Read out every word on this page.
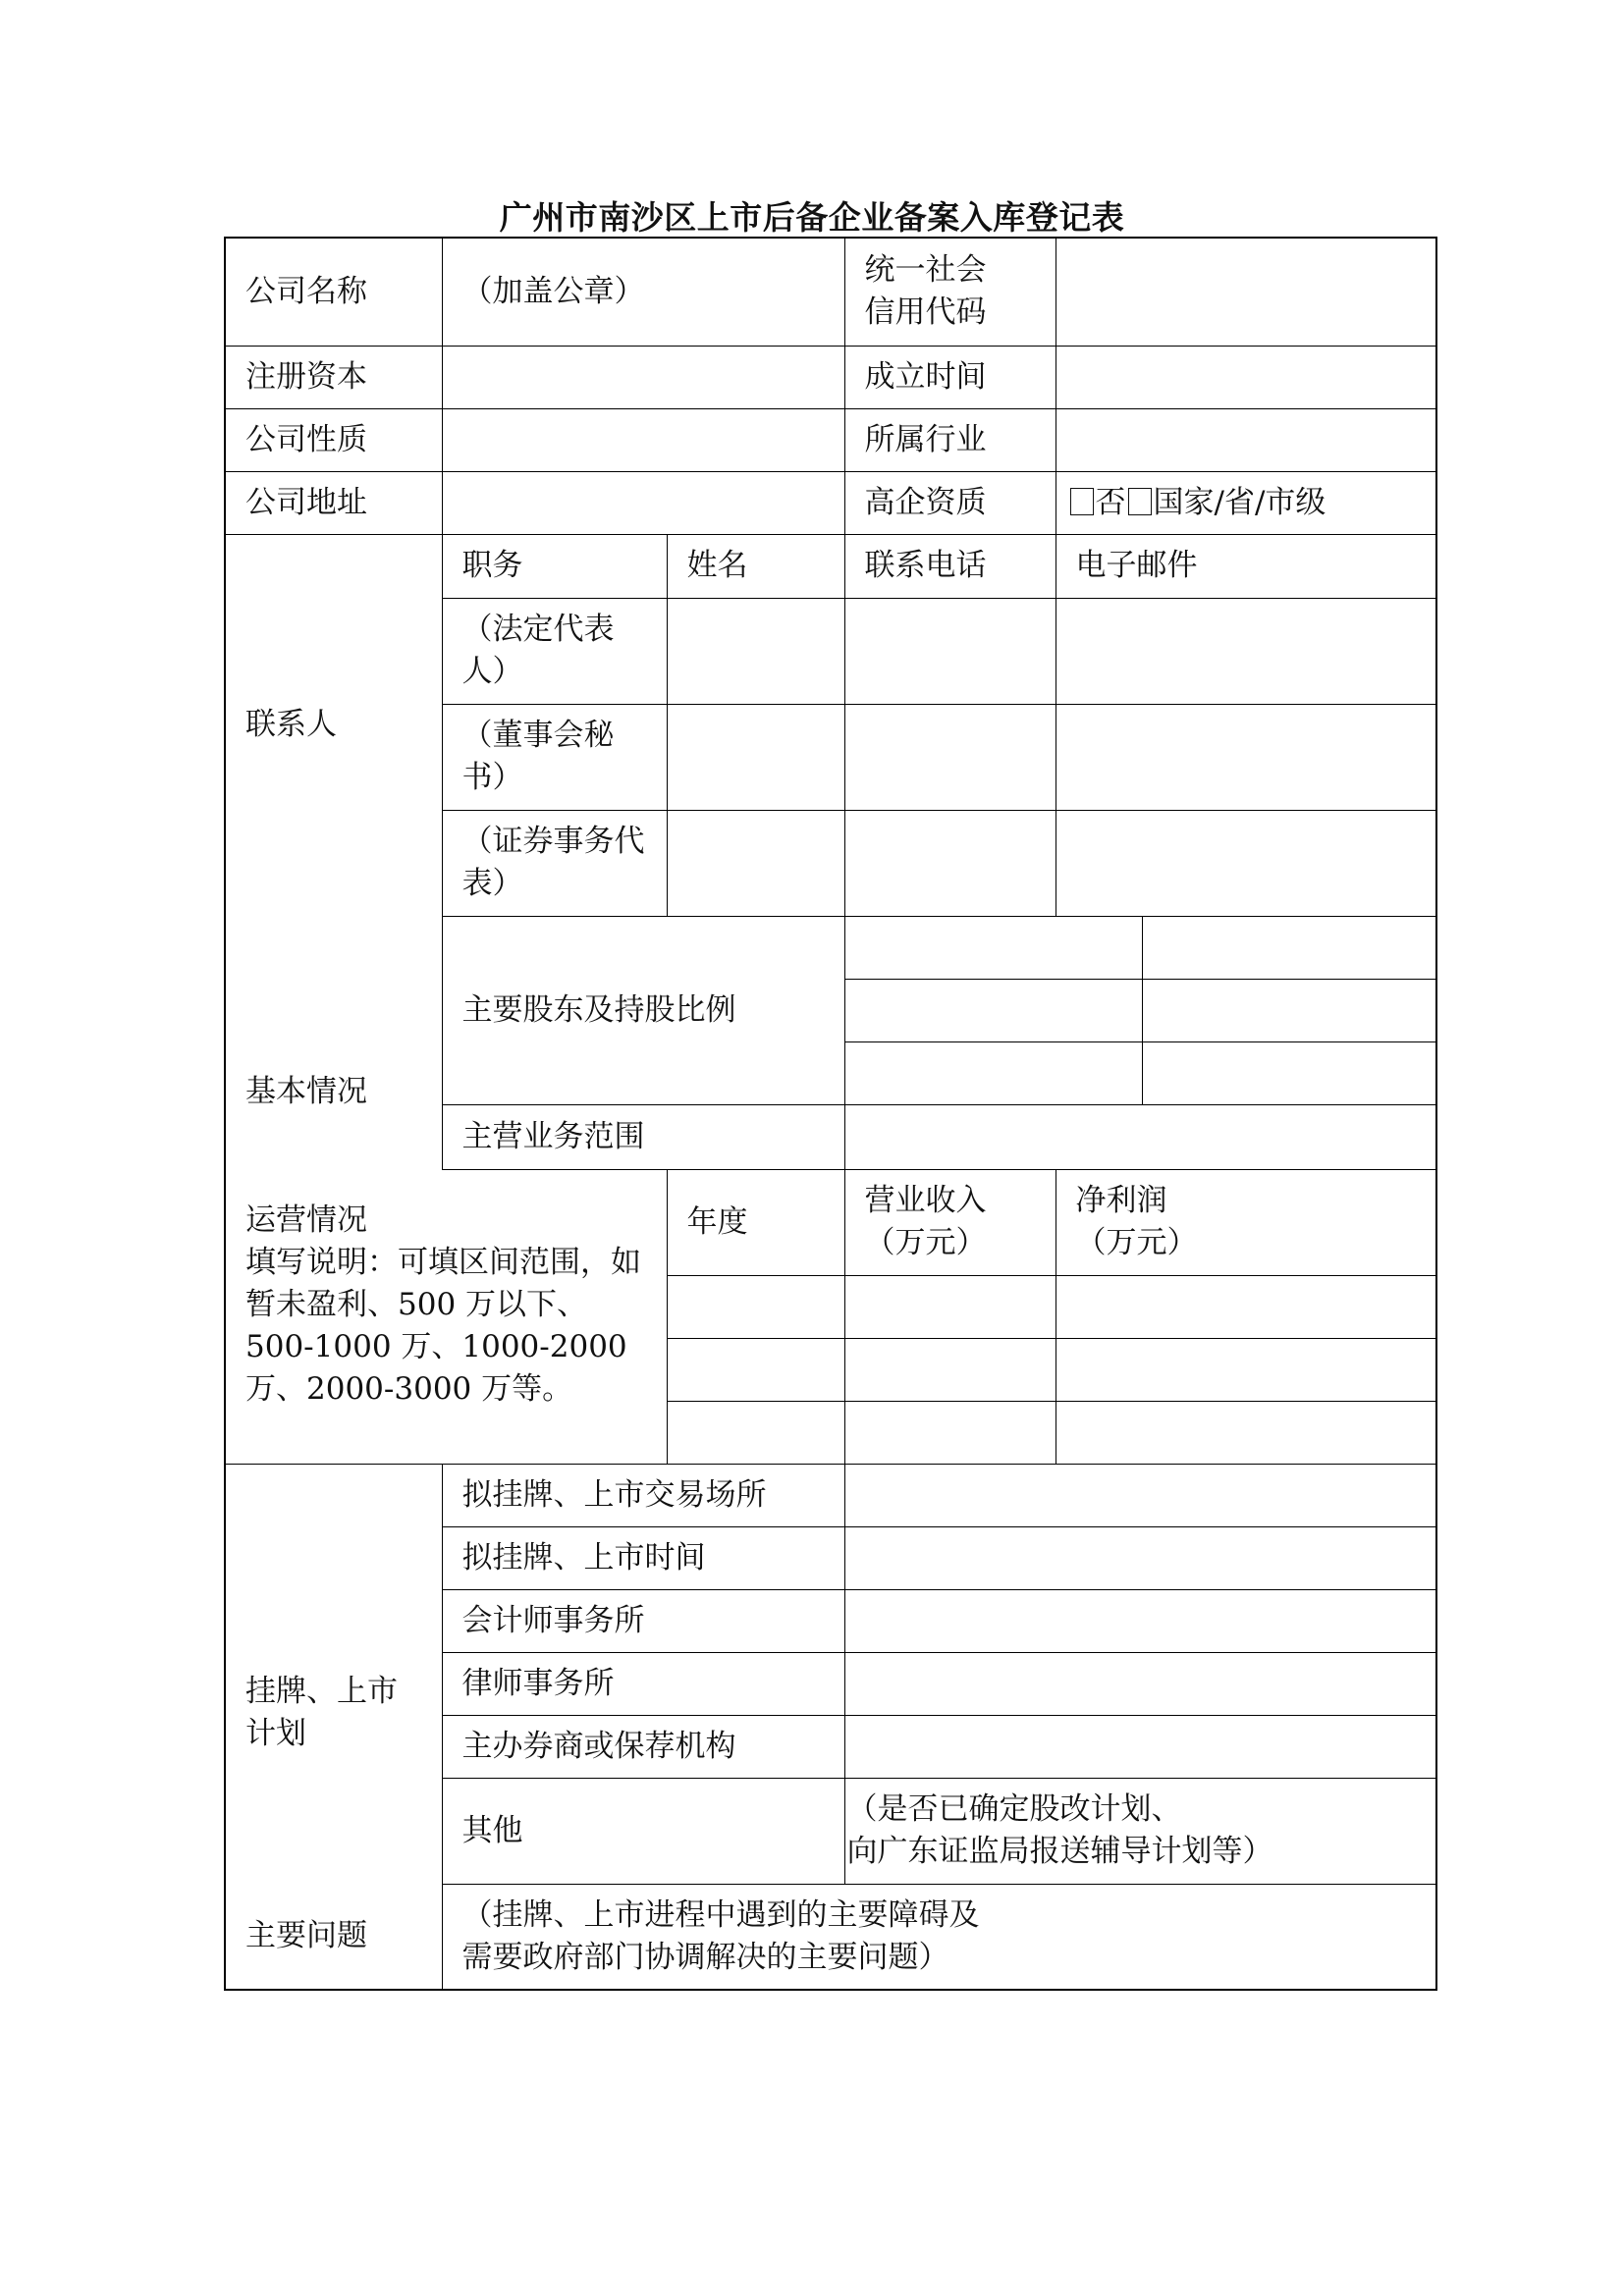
广州市南沙区上市后备企业备案入库登记表
公司名称	（加盖公章）		统一社会
信用代码		
注册资本			成立时间		
公司性质			所属行业		
公司地址			高企资质	否 国家/省/市级	
联系人	职务	姓名	联系电话	电子邮件	
	（法定代表
人）				
	（董事会秘
书）				
	（证券事务代
表）				
基本情况	主要股东及持股比例				

	主营业务范围				
运营情况
填写说明：可填区间范围，如暂未盈利、500 万以下、500-1000 万、1000-2000 万、2000-3000 万等。		年度	营业收入
（万元）	净利润
（万元）	

挂牌、上市
计划	拟挂牌、上市交易场所				
	拟挂牌、上市时间				
	会计师事务所				
	律师事务所				
	主办券商或保荐机构				
	其他		（是否已确定股改计划、
向广东证监局报送辅导计划等）		
主要问题	（挂牌、上市进程中遇到的主要障碍及
需要政府部门协调解决的主要问题）				
